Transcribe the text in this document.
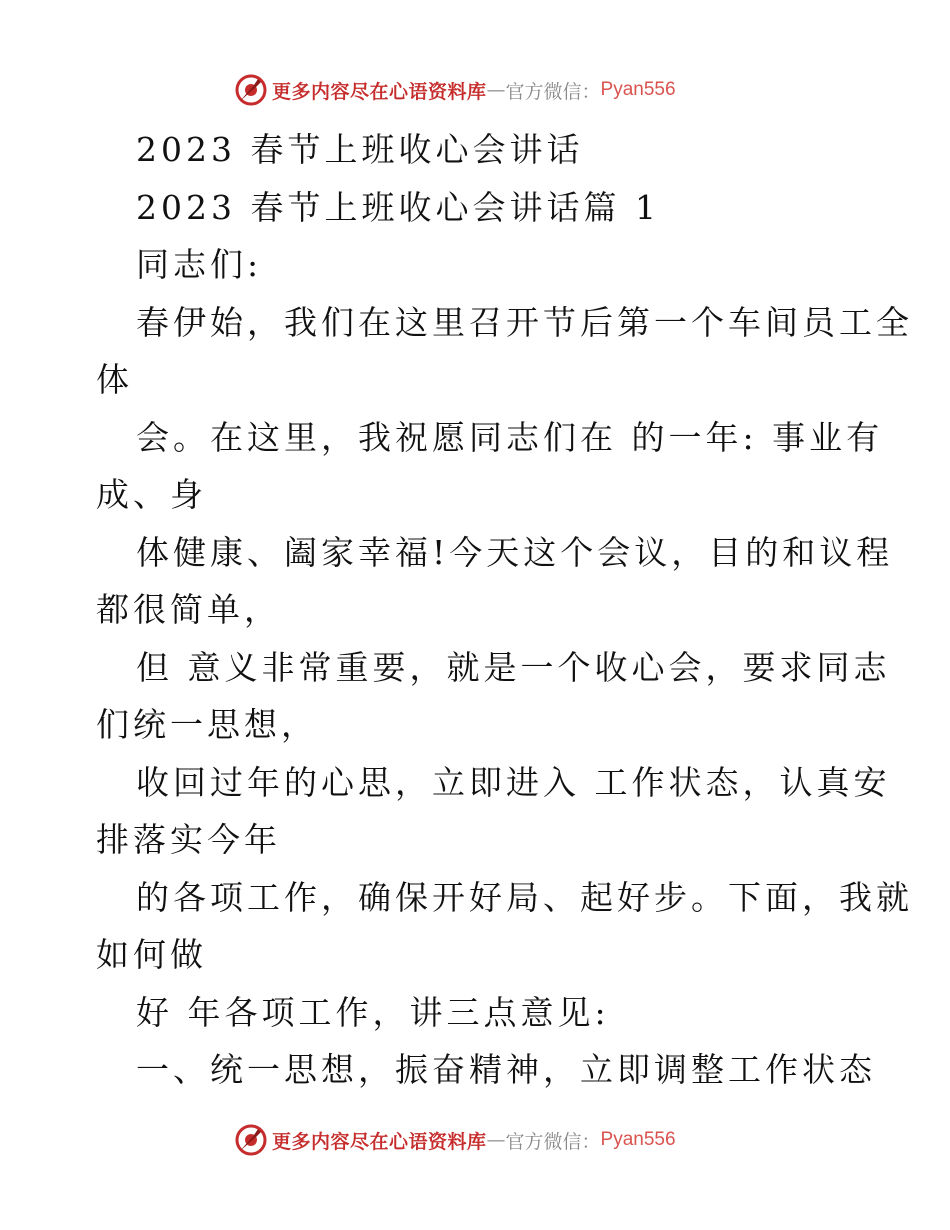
更多内容尽在心语资料库 — 官方微信： Pyan556
2023 春节上班收心会讲话
2023 春节上班收心会讲话篇 1
同志们:
春伊始，我们在这里召开节后第一个车间员工全
体
会。在这里，我祝愿同志们在 的一年: 事业有
成、身
体健康、阖家幸福!今天这个会议，目的和议程
都很简单，
但 意义非常重要，就是一个收心会，要求同志
们统一思想，
收回过年的心思，立即进入 工作状态，认真安
排落实今年
的各项工作，确保开好局、起好步。下面，我就
如何做
好 年各项工作，讲三点意见:
一、统一思想，振奋精神，立即调整工作状态
更多内容尽在心语资料库 — 官方微信： Pyan556
